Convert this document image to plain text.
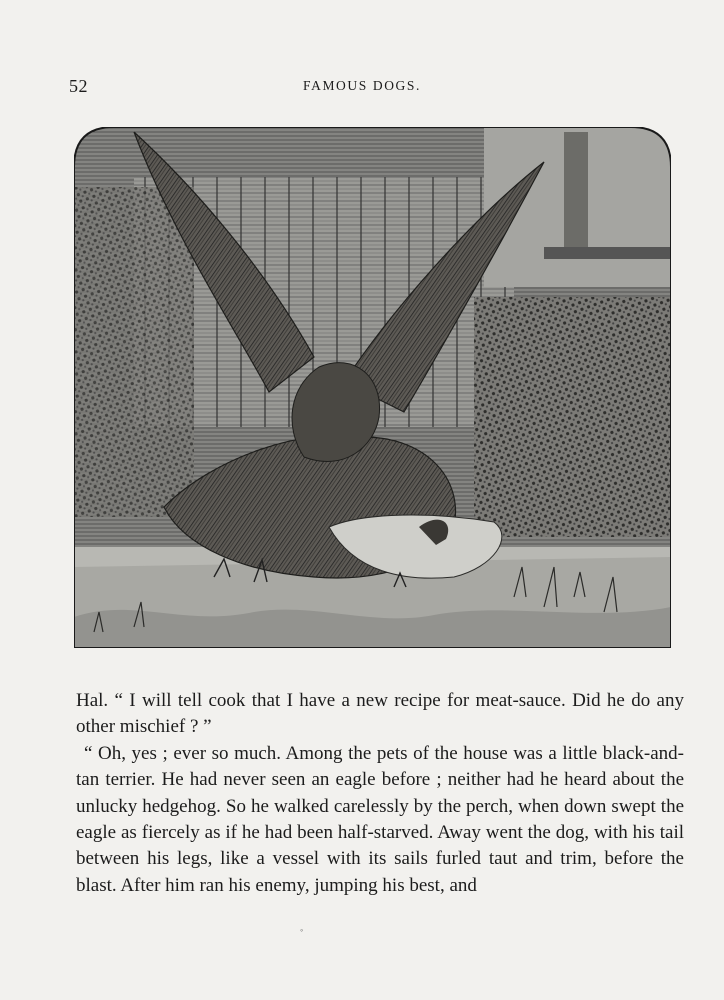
52	FAMOUS DOGS.

Hal. “ I will tell cook that I have a new recipe for meat-sauce. Did he do any other mischief ? ”

“ Oh, yes ; ever so much. Among the pets of the house was a little black-and-tan terrier. He had never seen an eagle before ; neither had he heard about the unlucky hedgehog. So he walked carelessly by the perch, when down swept the eagle as fiercely as if he had been half-starved. Away went the dog, with his tail between his legs, like a vessel with its sails furled taut and trim, before the blast. After him ran his enemy, jumping his best, and

◦
